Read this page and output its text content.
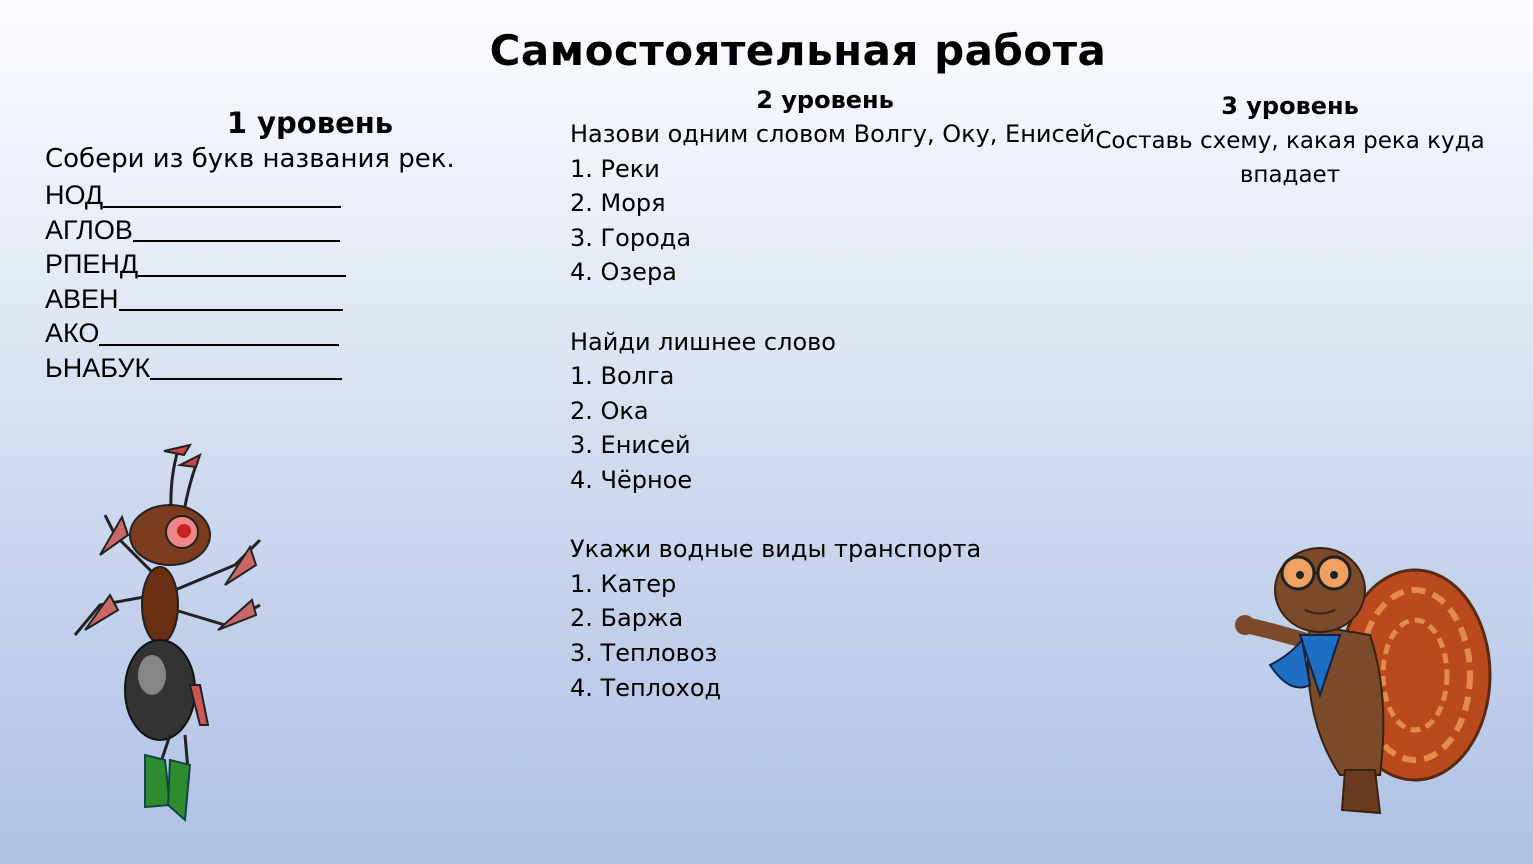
Самостоятельная работа
1 уровень
Собери из букв названия рек.
НОД
АГЛОВ
РПЕНД
АВЕН
АКО
ЬНАБУК
2 уровень
Назови одним словом Волгу, Оку, Енисей
1. Реки
2. Моря
3. Города
4. Озера
Найди лишнее слово
1. Волга
2. Ока
3. Енисей
4. Чёрное
Укажи водные виды транспорта
1. Катер
2. Баржа
3. Тепловоз
4. Теплоход
3 уровень
Составь схему, какая река куда впадает
